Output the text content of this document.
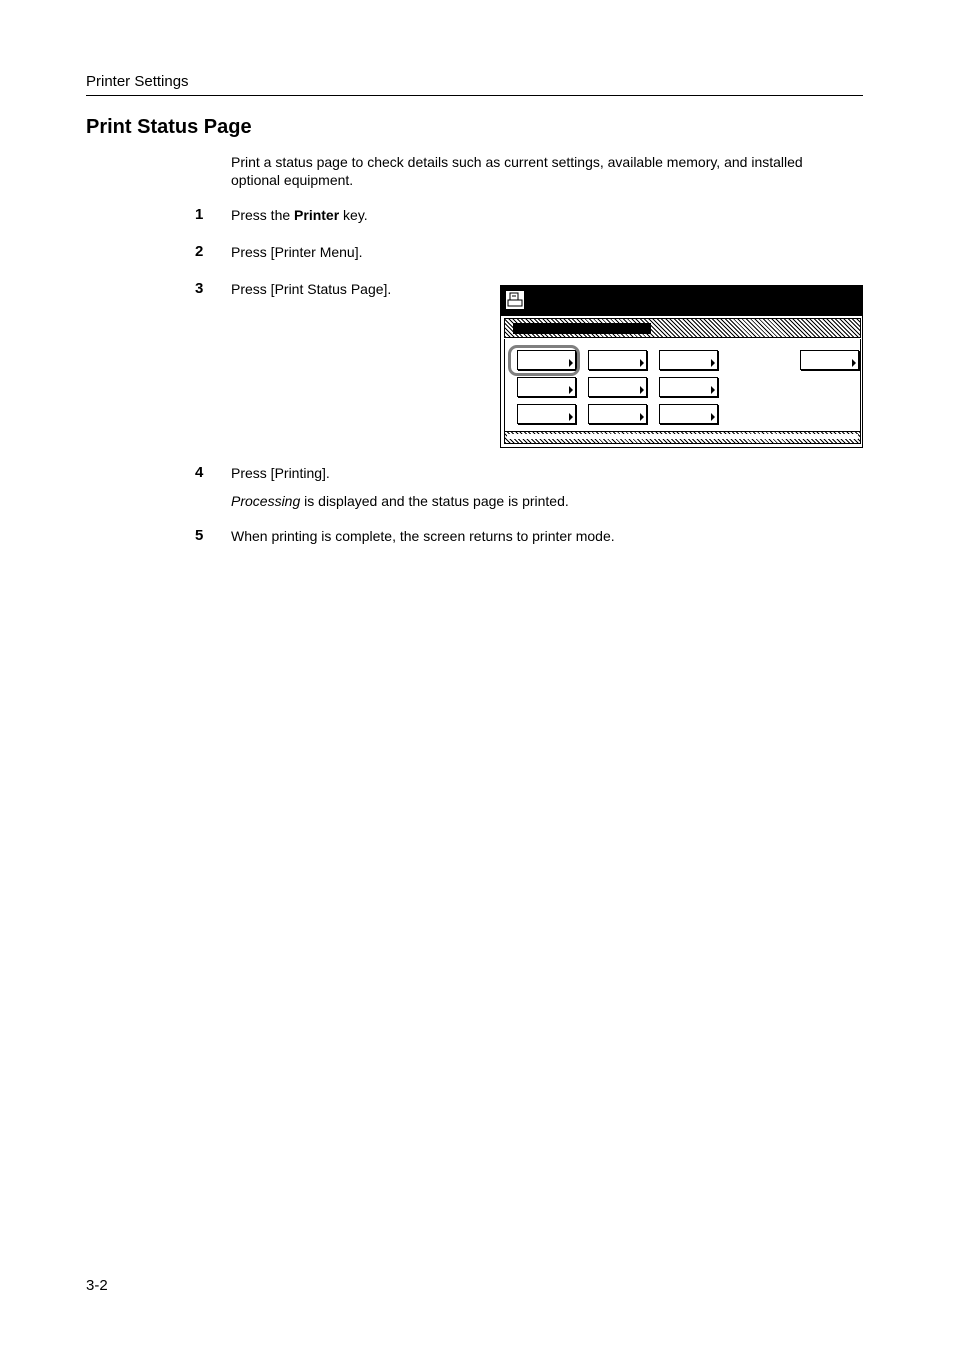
Printer Settings
Print Status Page

Print a status page to check details such as current settings, available memory, and installed optional equipment.

1 Press the Printer key.
2 Press [Printer Menu].
3 Press [Print Status Page].
4 Press [Printing].
Processing is displayed and the status page is printed.
5 When printing is complete, the screen returns to printer mode.
3-2
